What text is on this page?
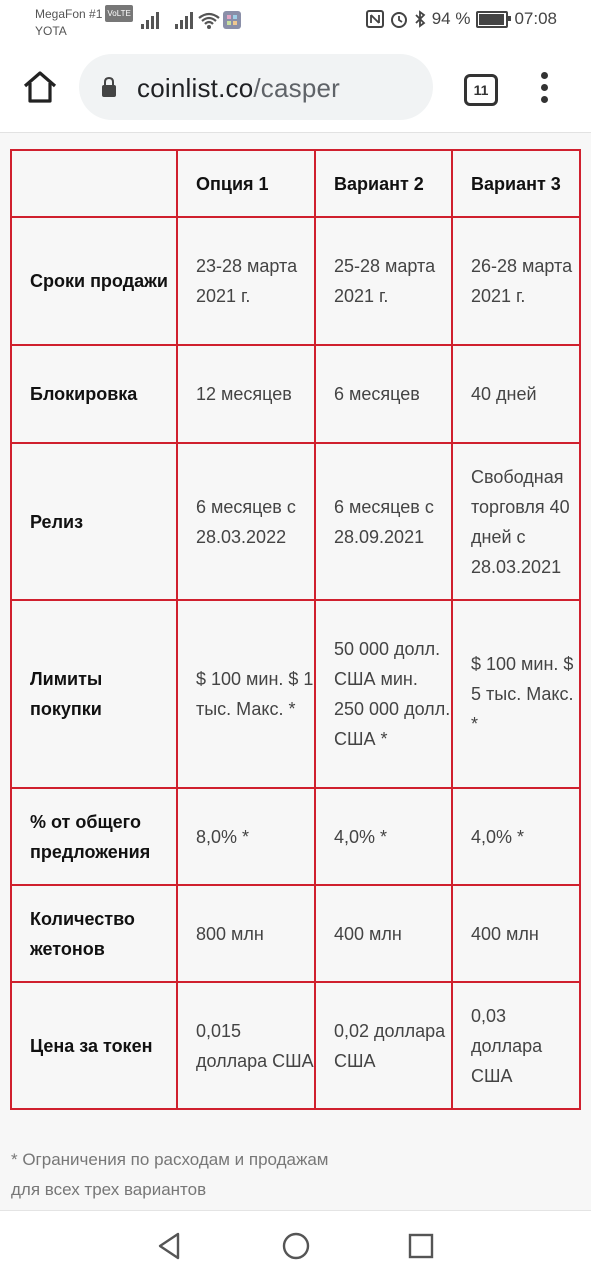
MegaFon #1 VoLTE
YOTA
94 %	07:08
coinlist.co/casper	11
	Опция 1	Вариант 2	Вариант 3
Сроки продажи	23-28 марта 2021 г.	25-28 марта 2021 г.	26-28 марта 2021 г.
Блокировка	12 месяцев	6 месяцев	40 дней
Релиз	6 месяцев с 28.03.2022	6 месяцев с 28.09.2021	Свободная торговля 40 дней с 28.03.2021
Лимиты покупки	$ 100 мин. $ 1 тыс. Макс. *	50 000 долл. США мин. 250 000 долл. США *	$ 100 мин. $ 5 тыс. Макс. *
% от общего предложения	8,0% *	4,0% *	4,0% *
Количество жетонов	800 млн	400 млн	400 млн
Цена за токен	0,015 доллара США	0,02 доллара США	0,03 доллара США
* Ограничения по расходам и продажам для всех трех вариантов
